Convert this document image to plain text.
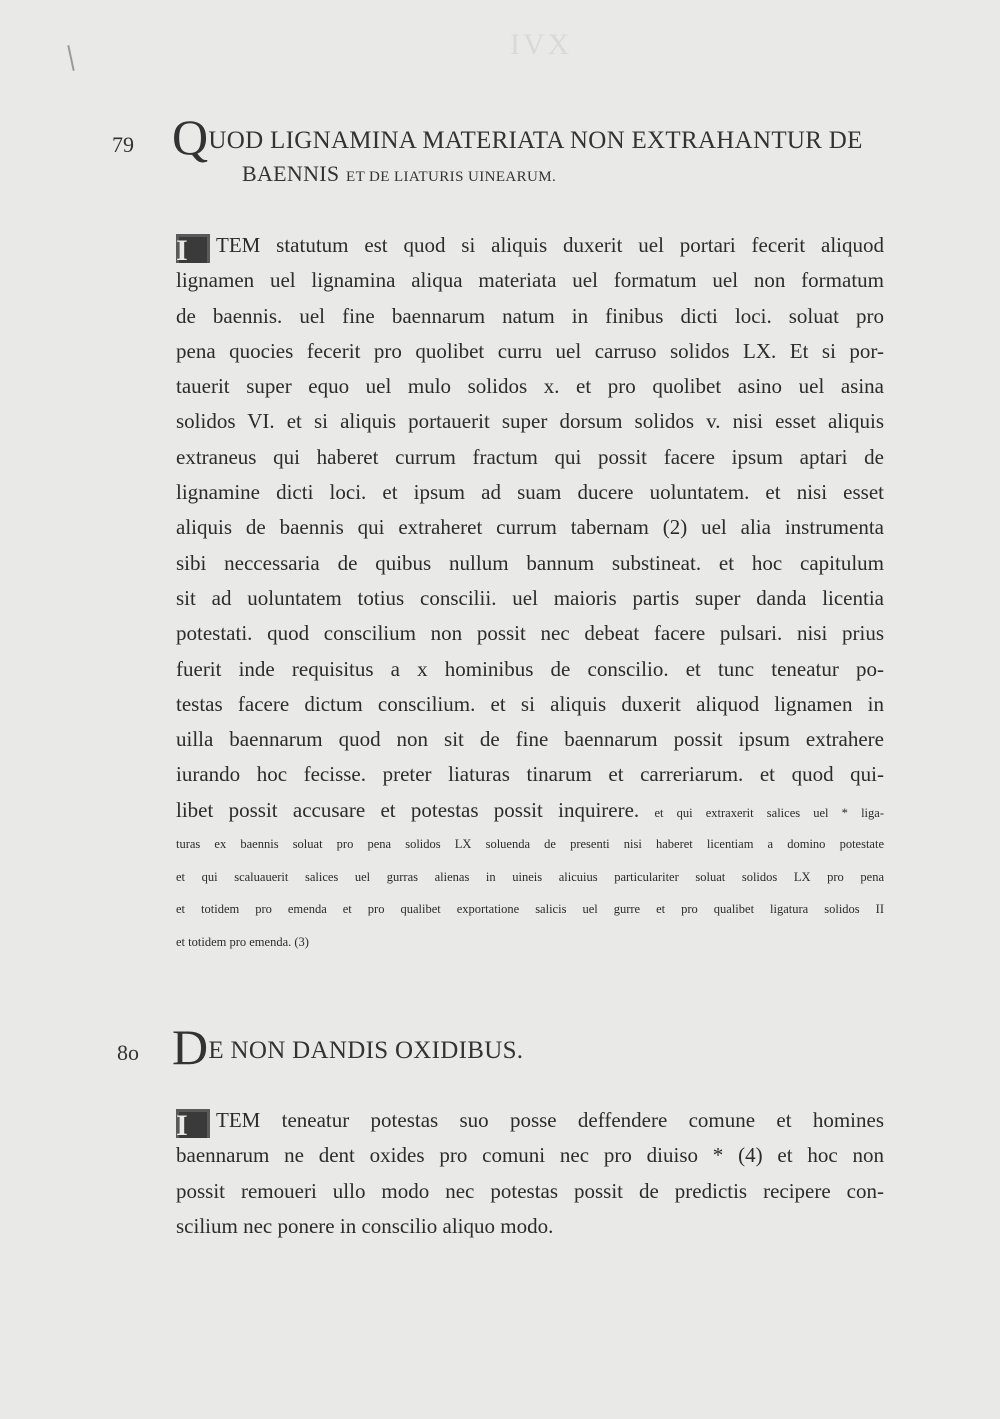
IVX
79 QUOD LIGNAMINA MATERIATA NON EXTRAHANTUR DE
BAENNIS ET DE LIATURIS UINEARUM.
I TEM statutum est quod si aliquis duxerit uel portari fecerit aliquod
lignamen uel lignamina aliqua materiata uel formatum uel non formatum
de baennis. uel fine baennarum natum in finibus dicti loci. soluat pro
pena quocies fecerit pro quolibet curru uel carruso solidos LX. Et si por-
tauerit super equo uel mulo solidos x. et pro quolibet asino uel asina
solidos VI. et si aliquis portauerit super dorsum solidos v. nisi esset aliquis
extraneus qui haberet currum fractum qui possit facere ipsum aptari de
lignamine dicti loci. et ipsum ad suam ducere uoluntatem. et nisi esset
aliquis de baennis qui extraheret currum tabernam (2) uel alia instrumenta
sibi neccessaria de quibus nullum bannum substineat. et hoc capitulum
sit ad uoluntatem totius conscilii. uel maioris partis super danda licentia
potestati. quod conscilium non possit nec debeat facere pulsari. nisi prius
fuerit inde requisitus a x hominibus de conscilio. et tunc teneatur po-
testas facere dictum conscilium. et si aliquis duxerit aliquod lignamen in
uilla baennarum quod non sit de fine baennarum possit ipsum extrahere
iurando hoc fecisse. preter liaturas tinarum et carreriarum. et quod qui-
libet possit accusare et potestas possit inquirere. et qui extraxerit salices uel * liga-
turas ex baennis soluat pro pena solidos LX soluenda de presenti nisi haberet licentiam a domino potestate
et qui scaluauerit salices uel gurras alienas in uineis alicuius particulariter soluat solidos LX pro pena
et totidem pro emenda et pro qualibet exportatione salicis uel gurre et pro qualibet ligatura solidos II
et totidem pro emenda. (3)
8o DE NON DANDIS OXIDIBUS.
I TEM teneatur potestas suo posse deffendere comune et homines
baennarum ne dent oxides pro comuni nec pro diuiso * (4) et hoc non
possit remoueri ullo modo nec potestas possit de predictis recipere con-
scilium nec ponere in conscilio aliquo modo.
